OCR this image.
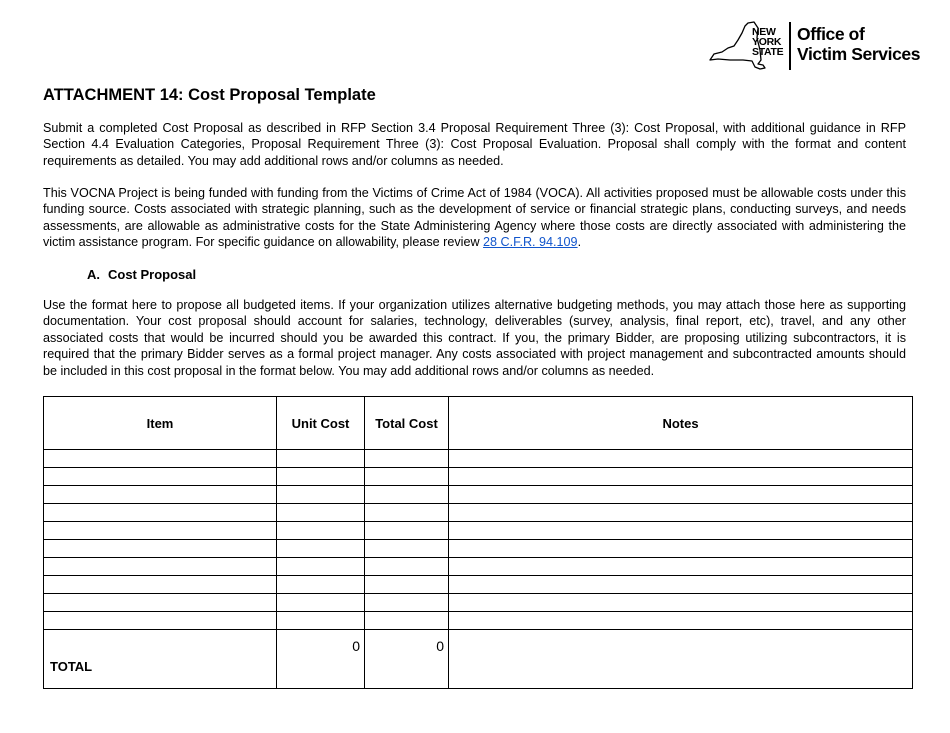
NEW
YORK
STATE
Office of
Victim Services
ATTACHMENT 14: Cost Proposal Template

Submit a completed Cost Proposal as described in RFP Section 3.4 Proposal Requirement Three (3): Cost Proposal, with additional guidance in RFP Section 4.4 Evaluation Categories, Proposal Requirement Three (3): Cost Proposal Evaluation. Proposal shall comply with the format and content requirements as detailed. You may add additional rows and/or columns as needed.

This VOCNA Project is being funded with funding from the Victims of Crime Act of 1984 (VOCA). All activities proposed must be allowable costs under this funding source. Costs associated with strategic planning, such as the development of service or financial strategic plans, conducting surveys, and needs assessments, are allowable as administrative costs for the State Administering Agency where those costs are directly associated with administering the victim assistance program. For specific guidance on allowability, please review 28 C.F.R. 94.109.

A. Cost Proposal

Use the format here to propose all budgeted items. If your organization utilizes alternative budgeting methods, you may attach those here as supporting documentation. Your cost proposal should account for salaries, technology, deliverables (survey, analysis, final report, etc), travel, and any other associated costs that would be incurred should you be awarded this contract. If you, the primary Bidder, are proposing utilizing subcontractors, it is required that the primary Bidder serves as a formal project manager. Any costs associated with project management and subcontracted amounts should be included in this cost proposal in the format below. You may add additional rows and/or columns as needed.

Item	Unit Cost	Total Cost	Notes

TOTAL	0	0	
